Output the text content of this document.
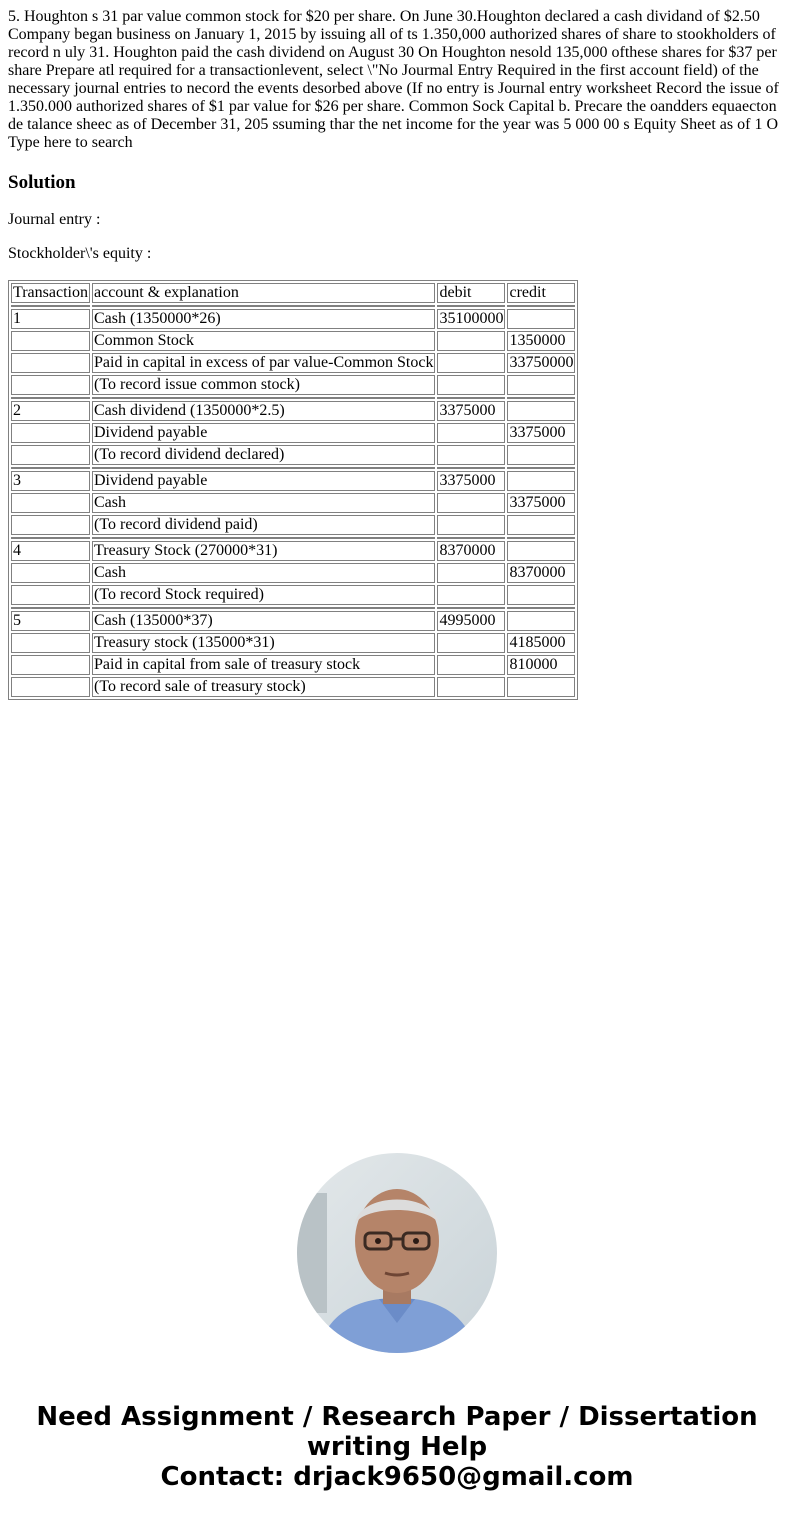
5. Houghton s 31 par value common stock for $20 per share. On June 30.Houghton declared a cash dividand of $2.50 Company began business on January 1, 2015 by issuing all of ts 1.350,000 authorized shares of share to stookholders of record n uly 31. Houghton paid the cash dividend on August 30 On Houghton nesold 135,000 ofthese shares for $37 per share Prepare atl required for a transactionlevent, select \"No Jourmal Entry Required in the first account field) of the necessary journal entries to necord the events desorbed above (If no entry is Journal entry worksheet Record the issue of 1.350.000 authorized shares of $1 par value for $26 per share. Common Sock Capital b. Precare the oandders equaecton de talance sheec as of December 31, 205 ssuming thar the net income for the year was 5 000 00 s Equity Sheet as of 1 O Type here to search

Solution

Journal entry :

Stockholder\'s equity :

Transaction	account & explanation	debit	credit

1	Cash (1350000*26)	35100000	
	Common Stock		1350000
	Paid in capital in excess of par value-Common Stock		33750000
	(To record issue common stock)		

2	Cash dividend (1350000*2.5)	3375000	
	Dividend payable		3375000
	(To record dividend declared)		

3	Dividend payable	3375000	
	Cash		3375000
	(To record dividend paid)		

4	Treasury Stock (270000*31)	8370000	
	Cash		8370000
	(To record Stock required)		

5	Cash (135000*37)	4995000	
	Treasury stock (135000*31)		4185000
	Paid in capital from sale of treasury stock		810000
	(To record sale of treasury stock)		
Need Assignment / Research Paper / Dissertation
writing Help
Contact: drjack9650@gmail.com
